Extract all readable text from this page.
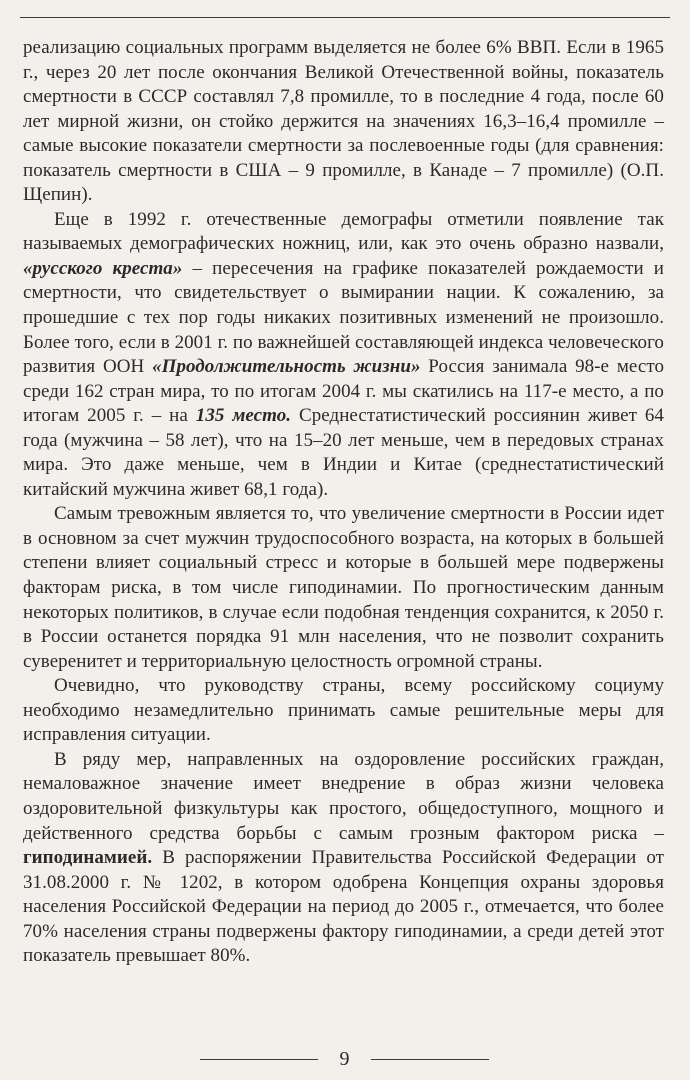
реализацию социальных программ выделяется не более 6% ВВП. Если в 1965 г., через 20 лет после окончания Великой Отечественной войны, показатель смертности в СССР составлял 7,8 промилле, то в последние 4 года, после 60 лет мирной жизни, он стойко держится на значениях 16,3–16,4 промилле – самые высокие показатели смертности за послевоенные годы (для сравнения: показатель смертности в США – 9 промилле, в Канаде – 7 промилле) (О.П. Щепин).

Еще в 1992 г. отечественные демографы отметили появление так называемых демографических ножниц, или, как это очень образно назвали, «русского креста» – пересечения на графике показателей рождаемости и смертности, что свидетельствует о вымирании нации. К сожалению, за прошедшие с тех пор годы никаких позитивных изменений не произошло. Более того, если в 2001 г. по важнейшей составляющей индекса человеческого развития ООН «Продолжительность жизни» Россия занимала 98-е место среди 162 стран мира, то по итогам 2004 г. мы скатились на 117-е место, а по итогам 2005 г. – на 135 место. Среднестатистический россиянин живет 64 года (мужчина – 58 лет), что на 15–20 лет меньше, чем в передовых странах мира. Это даже меньше, чем в Индии и Китае (среднестатистический китайский мужчина живет 68,1 года).

Самым тревожным является то, что увеличение смертности в России идет в основном за счет мужчин трудоспособного возраста, на которых в большей степени влияет социальный стресс и которые в большей мере подвержены факторам риска, в том числе гиподинамии. По прогностическим данным некоторых политиков, в случае если подобная тенденция сохранится, к 2050 г. в России останется порядка 91 млн населения, что не позволит сохранить суверенитет и территориальную целостность огромной страны.

Очевидно, что руководству страны, всему российскому социуму необходимо незамедлительно принимать самые решительные меры для исправления ситуации.

В ряду мер, направленных на оздоровление российских граждан, немаловажное значение имеет внедрение в образ жизни человека оздоровительной физкультуры как простого, общедоступного, мощного и действенного средства борьбы с самым грозным фактором риска – гиподинамией. В распоряжении Правительства Российской Федерации от 31.08.2000 г. № 1202, в котором одобрена Концепция охраны здоровья населения Российской Федерации на период до 2005 г., отмечается, что более 70% населения страны подвержены фактору гиподинамии, а среди детей этот показатель превышает 80%.

9
